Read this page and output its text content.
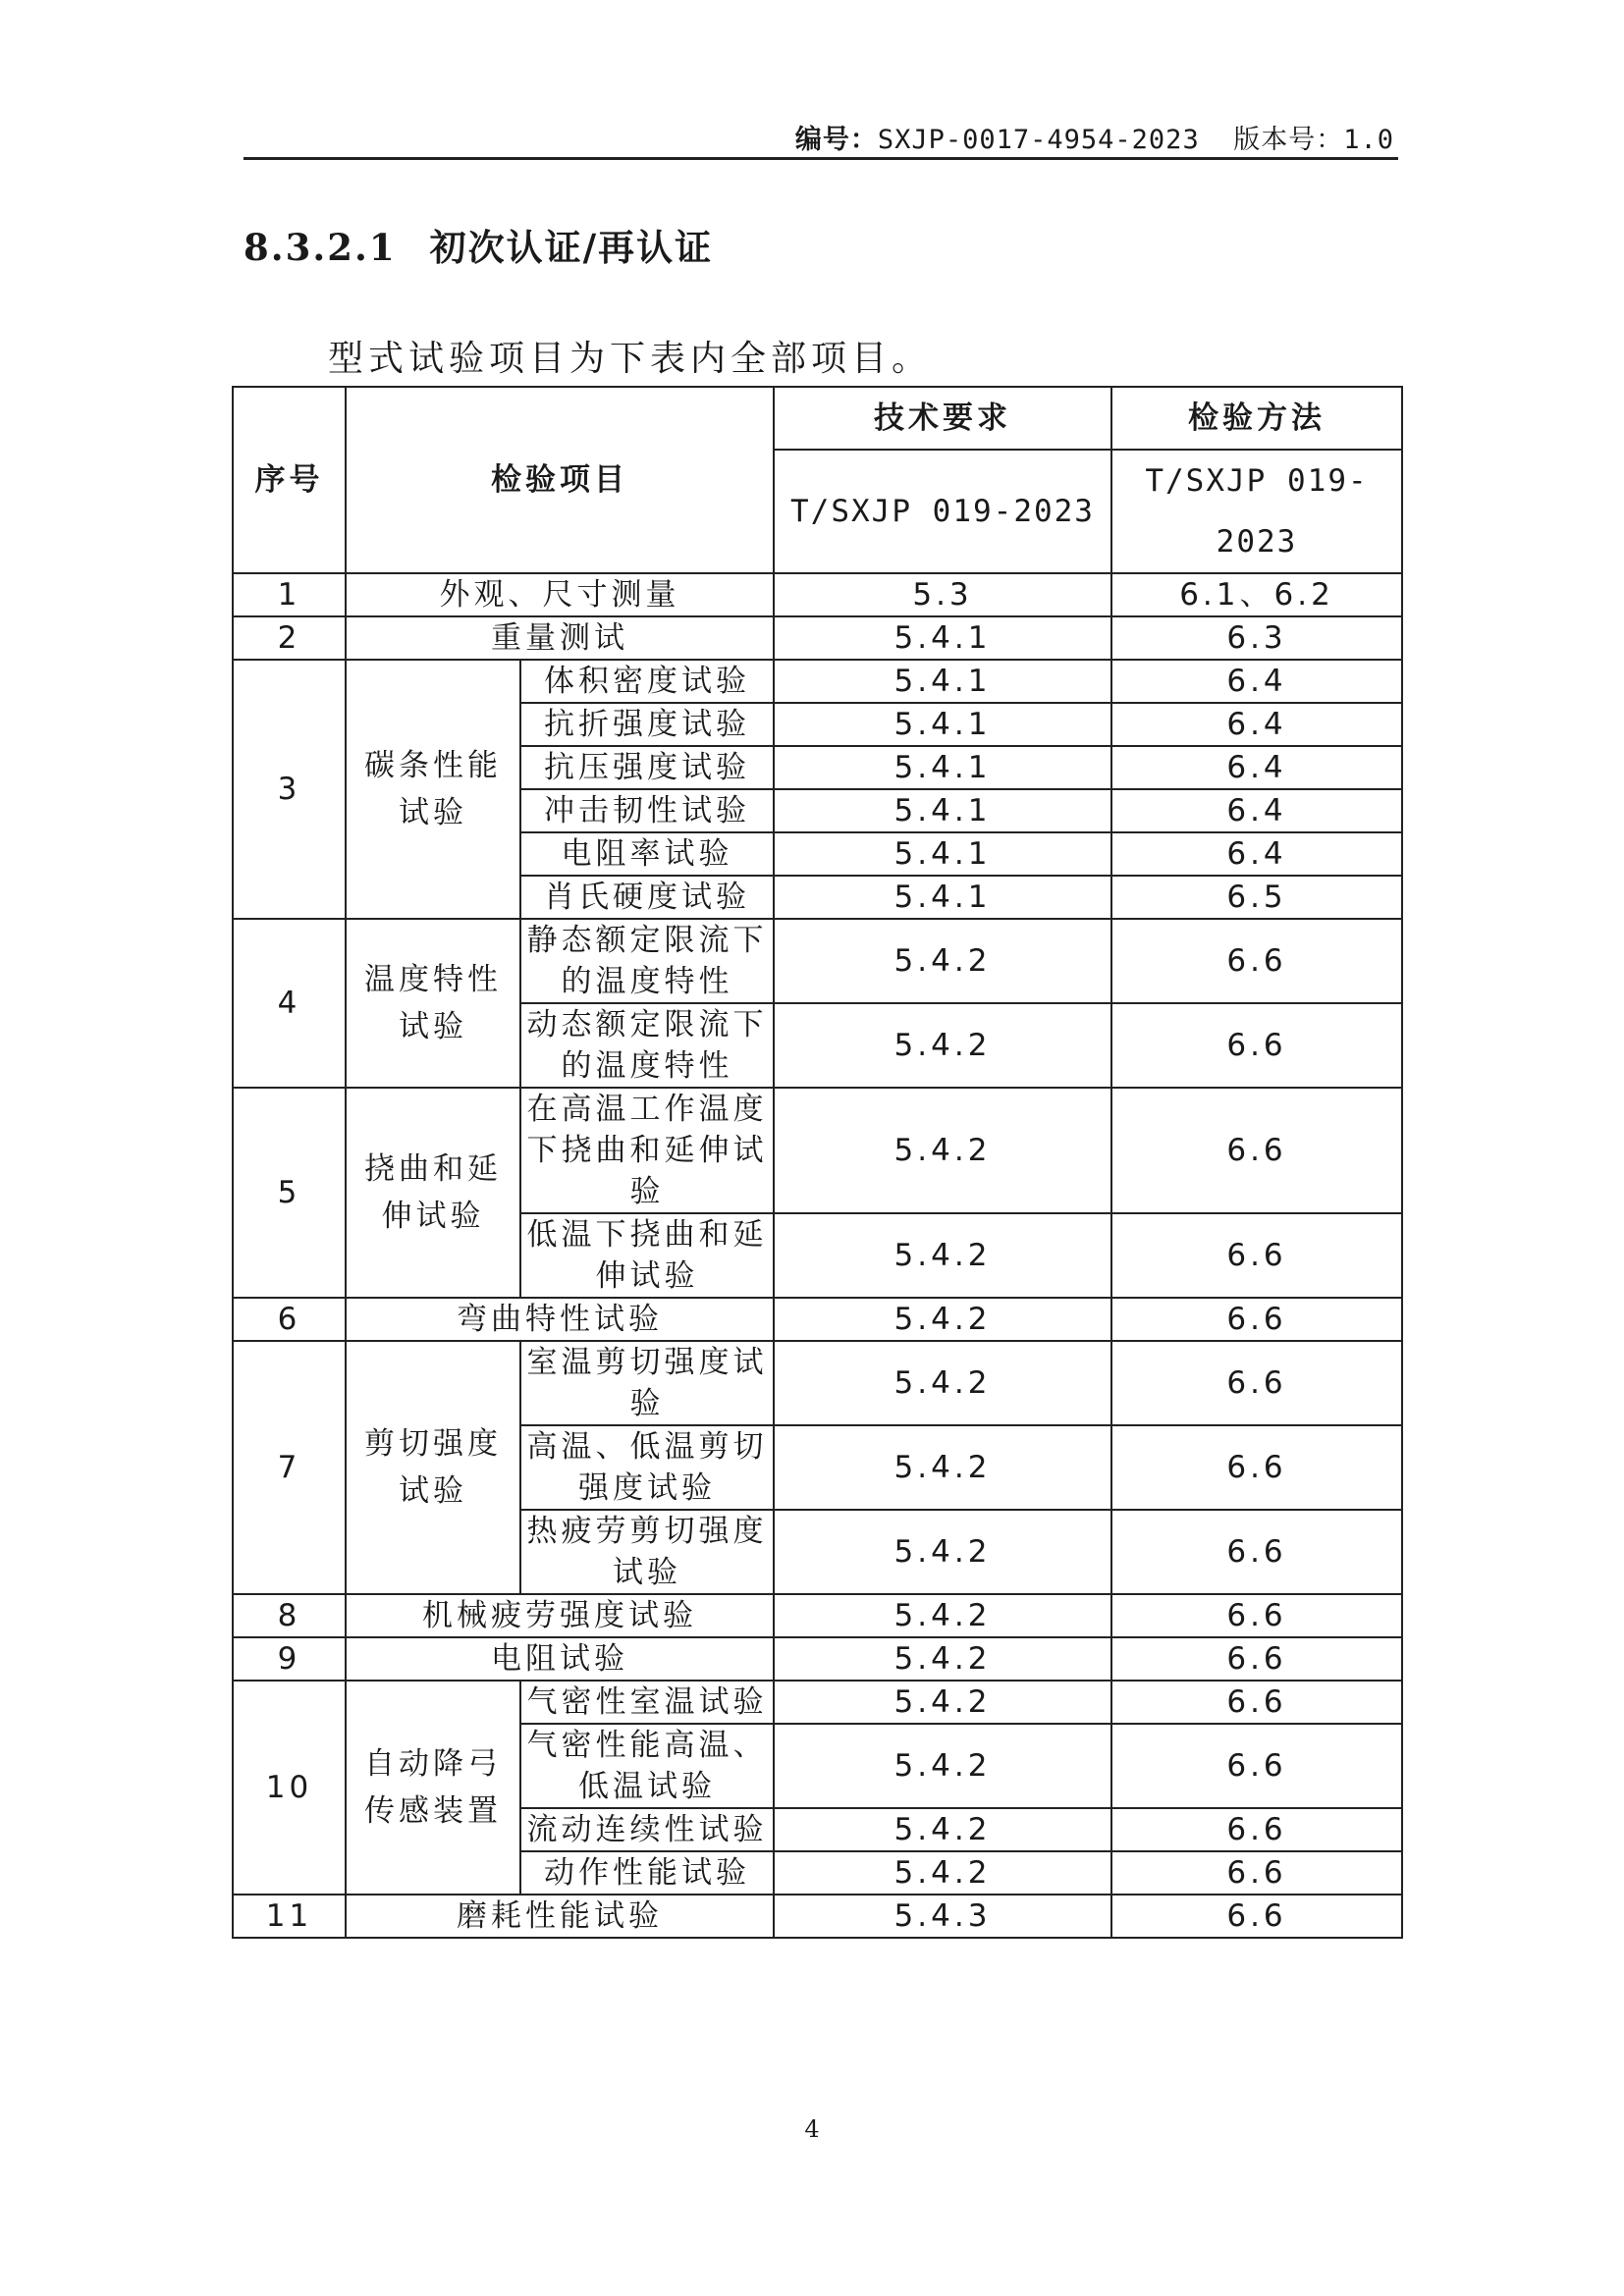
编号：SXJP-0017-4954-2023 版本号：1.0
8.3.2.1 初次认证/再认证
型式试验项目为下表内全部项目。
序号	检验项目		技术要求	检验方法
			T/SXJP 019-2023	T/SXJP 019-2023
1	外观、尺寸测量		5.3	6.1、6.2
2	重量测试		5.4.1	6.3
3	碳条性能试验	体积密度试验	5.4.1	6.4
		抗折强度试验	5.4.1	6.4
		抗压强度试验	5.4.1	6.4
		冲击韧性试验	5.4.1	6.4
		电阻率试验	5.4.1	6.4
		肖氏硬度试验	5.4.1	6.5
4	温度特性试验	静态额定限流下的温度特性	5.4.2	6.6
		动态额定限流下的温度特性	5.4.2	6.6
5	挠曲和延伸试验	在高温工作温度下挠曲和延伸试验	5.4.2	6.6
		低温下挠曲和延伸试验	5.4.2	6.6
6	弯曲特性试验		5.4.2	6.6
7	剪切强度试验	室温剪切强度试验	5.4.2	6.6
		高温、低温剪切强度试验	5.4.2	6.6
		热疲劳剪切强度试验	5.4.2	6.6
8	机械疲劳强度试验		5.4.2	6.6
9	电阻试验		5.4.2	6.6
10	自动降弓传感装置	气密性室温试验	5.4.2	6.6
		气密性能高温、低温试验	5.4.2	6.6
		流动连续性试验	5.4.2	6.6
		动作性能试验	5.4.2	6.6
11	磨耗性能试验		5.4.3	6.6
4
